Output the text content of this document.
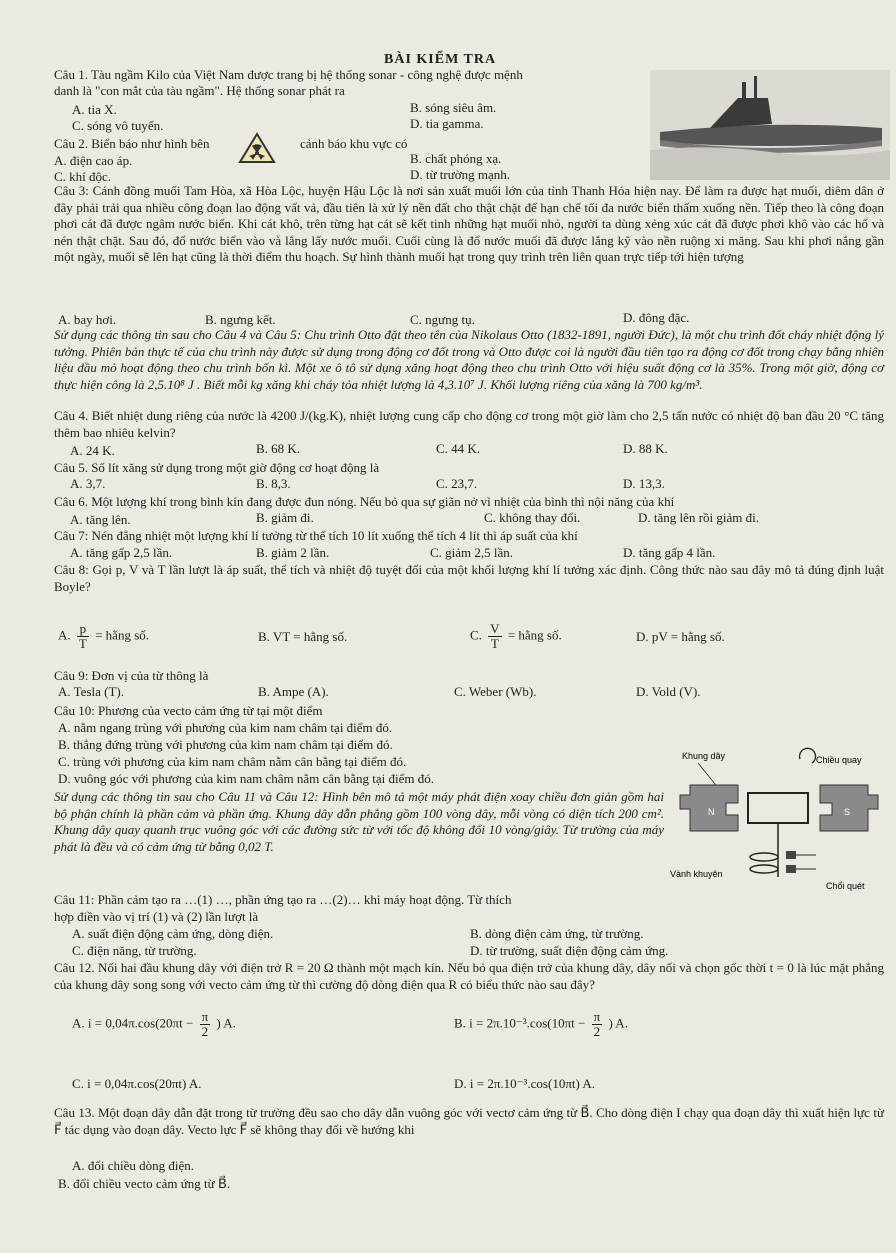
BÀI KIỂM TRA
Câu 1. Tàu ngầm Kilo của Việt Nam được trang bị hệ thống sonar - công nghệ được mệnh
danh là "con mắt của tàu ngầm". Hệ thống sonar phát ra
A. tia X.	B. sóng siêu âm.
C. sóng vô tuyến.	D. tia gamma.
Câu 2. Biển báo như hình bên	cảnh báo khu vực có
A. điện cao áp.	B. chất phóng xạ.
C. khí độc.	D. từ trường mạnh.
Câu 3: Cánh đồng muối Tam Hòa, xã Hòa Lộc, huyện Hậu Lộc là nơi sản xuất muối lớn của tỉnh Thanh Hóa hiện nay. Để làm ra được hạt muối, diêm dân ở đây phải trải qua nhiều công đoạn lao động vất vả, đầu tiên là xử lý nền đất cho thật chặt để hạn chế tối đa nước biển thấm xuống nền. Tiếp theo là công đoạn phơi cát đã được ngâm nước biển. Khi cát khô, trên từng hạt cát sẽ kết tinh những hạt muối nhỏ, người ta dùng xẻng xúc cát đã được phơi khô vào các hố và nén thật chặt. Sau đó, đổ nước biển vào và lắng lấy nước muối. Cuối cùng là đổ nước muối đã được lắng kỹ vào nền ruộng xi măng. Sau khi phơi nắng gần một ngày, muối sẽ lên hạt cũng là thời điểm thu hoạch. Sự hình thành muối hạt trong quy trình trên liên quan trực tiếp tới hiện tượng
A. bay hơi.	B. ngưng kết.	C. ngưng tụ.	D. đông đặc.
Sử dụng các thông tin sau cho Câu 4 và Câu 5: Chu trình Otto đặt theo tên của Nikolaus Otto (1832-1891, người Đức), là một chu trình đốt cháy nhiệt động lý tưởng. Phiên bản thực tế của chu trình này được sử dụng trong động cơ đốt trong và Otto được coi là người đầu tiên tạo ra động cơ đốt trong chạy bằng nhiên liệu dầu mỏ hoạt động theo chu trình bốn kì. Một xe ô tô sử dụng xăng hoạt động theo chu trình Otto với hiệu suất động cơ là 35%. Trong một giờ, động cơ thực hiện công là 2,5.10⁸ J . Biết mỗi kg xăng khi cháy tỏa nhiệt lượng là 4,3.10⁷ J. Khối lượng riêng của xăng là 700 kg/m³.
Câu 4. Biết nhiệt dung riêng của nước là 4200 J/(kg.K), nhiệt lượng cung cấp cho động cơ trong một giờ làm cho 2,5 tấn nước có nhiệt độ ban đầu 20 °C tăng thêm bao nhiêu kelvin?
A. 24 K.	B. 68 K.	C. 44 K.	D. 88 K.
Câu 5. Số lít xăng sử dụng trong một giờ động cơ hoạt động là
A. 3,7.	B. 8,3.	C. 23,7.	D. 13,3.
Câu 6. Một lượng khí trong bình kín đang được đun nóng. Nếu bỏ qua sự giãn nở vì nhiệt của bình thì nội năng của khí
A. tăng lên.	B. giảm đi.	C. không thay đổi.	D. tăng lên rồi giảm đi.
Câu 7: Nén đẳng nhiệt một lượng khí lí tưởng từ thể tích 10 lít xuống thể tích 4 lít thì áp suất của khí
A. tăng gấp 2,5 lần.	B. giảm 2 lần.	C. giảm 2,5 lần.	D. tăng gấp 4 lần.
Câu 8: Gọi p, V và T lần lượt là áp suất, thể tích và nhiệt độ tuyệt đối của một khối lượng khí lí tưởng xác định. Công thức nào sau đây mô tả đúng định luật Boyle?
A. $\frac{p}{T}$ = hằng số.	B. VT = hằng số.	C. $\frac{V}{T}$ = hằng số.	D. pV = hằng số.
Câu 9: Đơn vị của từ thông là
A. Tesla (T).	B. Ampe (A).	C. Weber (Wb).	D. Vold (V).
Câu 10: Phương của vecto cảm ứng từ tại một điểm
A. nằm ngang trùng với phương của kim nam châm tại điểm đó.
B. thẳng đứng trùng với phương của kim nam châm tại điểm đó.
C. trùng với phương của kim nam châm nằm cân bằng tại điểm đó.
D. vuông góc với phương của kim nam châm nằm cân bằng tại điểm đó.
Sử dụng các thông tin sau cho Câu 11 và Câu 12: Hình bên mô tả một máy phát điện xoay chiều đơn giản gồm hai bộ phận chính là phần cảm và phần ứng. Khung dây dẫn phẳng gồm 100 vòng dây, mỗi vòng có diện tích 200 cm². Khung dây quay quanh trục vuông góc với các đường sức từ với tốc độ không đổi 10 vòng/giây. Từ trường của máy phát là đều và có cảm ứng từ bằng 0,02 T.
Khung dây	Chiều quay
N	S
Vành khuyên
Chổi quét
Câu 11: Phần cảm tạo ra …(1) …, phần ứng tạo ra …(2)… khi máy hoạt động. Từ thích
hợp điền vào vị trí (1) và (2) lần lượt là
A. suất điện động cảm ứng, dòng điện.	B. dòng điện cảm ứng, từ trường.
C. điện năng, từ trường.	D. từ trường, suất điện động cảm ứng.
Câu 12. Nối hai đầu khung dây với điện trở R = 20 Ω thành một mạch kín. Nếu bỏ qua điện trở của khung dây, dây nối và chọn gốc thời t = 0 là lúc mặt phẳng của khung dây song song với vecto cảm ứng từ thì cường độ dòng điện qua R có biểu thức nào sau đây?
A. $i = 0,04\pi.\cos(20\pi t - \frac{\pi}{2}$ ) A.	B. $i = 2\pi.10^{-3}.\cos(10\pi t - \frac{\pi}{2}$ ) A.
C. i = 0,04π.cos(20πt) A.	D. i = 2π.10⁻³.cos(10πt) A.
Câu 13. Một đoạn dây dẫn đặt trong từ trường đều sao cho dây dẫn vuông góc với vectơ cảm ứng từ B⃗. Cho dòng điện I chạy qua đoạn dây thì xuất hiện lực từ F⃗ tác dụng vào đoạn dây. Vecto lực F⃗ sẽ không thay đổi về hướng khi
A. đổi chiều dòng điện.
B. đổi chiều vecto cảm ứng từ B⃗.
